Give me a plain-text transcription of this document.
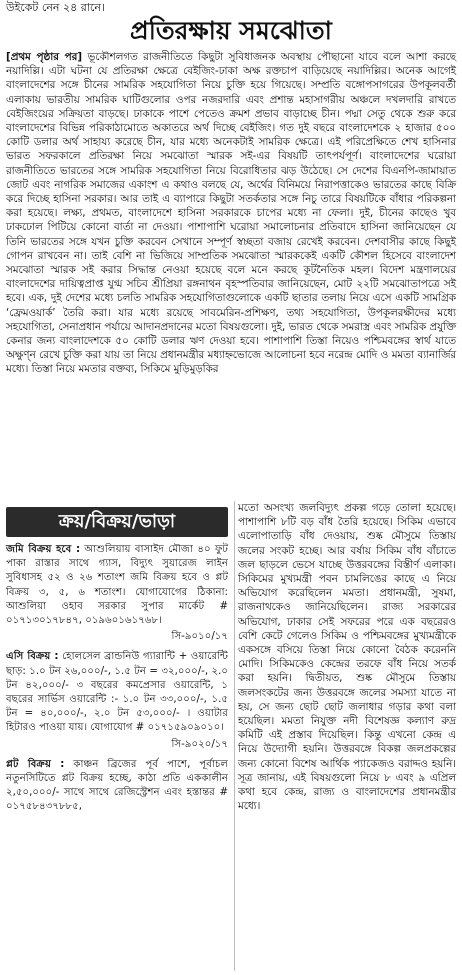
উইকেট নেন ২৪ রানে।
প্রতিরক্ষায় সমঝোতা

[প্রথম পৃষ্ঠার পর] ভূকৌশলগত রাজনীতিতে কিছুটা সুবিধাজনক অবস্থায় পৌছানো যাবে বলে আশা করছে নয়াদিল্লি। এটা ঘটনা যে প্রতিরক্ষা ক্ষেত্রে বেইজিং-ঢাকা অক্ষ রক্তচাপ বাড়িয়েছে নয়াদিল্লির। অনেক আগেই বাংলাদেশের সঙ্গে চীনের সামরিক সহযোগিতা নিয়ে চুক্তি হয়ে গিয়েছে। সম্প্রতি বঙ্গোপসাগরের উপকূলবর্তী এলাকায় ভারতীয় সামরিক ঘাটিগুলোর ওপর নজরদারি এবং প্রশান্ত মহাসাগরীয় অঞ্চলে দখলদারি রাখতে বেইজিংয়ের সক্রিয়তা বাড়ছে। ঢাকাকে পাশে পেতেও ক্রমশ প্রভাব বাড়াচ্ছে চীন। পদ্মা সেতু থেকে শুরু করে বাংলাদেশের বিভিন্ন পরিকাঠামোতে অকাতরে অর্থ দিচ্ছে বেইজিং। গত দুই বছরে বাংলাদেশকে ২ হাজার ৫০০ কোটি ডলার অর্থ সাহায্য করেছে চীন, যার মধ্যে অনেকটাই সামরিক ক্ষেত্রে। এই পরিপ্রেক্ষিতে শেখ হাসিনার ভারত সফরকালে প্রতিরক্ষা নিয়ে সমঝোতা স্মারক সই-এর বিষয়টি তাৎপর্যপূর্ণ। বাংলাদেশের ঘরোয়া রাজনীতিতে ভারতের সঙ্গে সামরিক সহযোগিতা নিয়ে বিরোধিতার ঝড় উঠেছে। সে দেশের বিএনপি-জামায়াত জোট এবং নাগরিক সমাজের একাংশ এ কথাও বলছে যে, অর্থের বিনিময়ে নিরাপত্তাকেও ভারতের কাছে বিক্রি করে দিচ্ছে হাসিনা সরকার। আর তাই এ ব্যাপারে কিছুটা সতর্কতার সঙ্গে নিচু তারে বিষয়টিকে বাঁধার পরিকল্পনা করা হয়েছে। লক্ষ্য, প্রথমত, বাংলাদেশে হাসিনা সরকারকে চাপের মধ্যে না ফেলা। দুই, চীনের কাছেও খুব ঢাকঢোল পিটিয়ে কোনো বার্তা না দেওয়া। পাশাপাশি ঘরোয়া সমালোচনার প্রতিবাদে হাসিনা জানিয়েছেন যে তিনি ভারতের সঙ্গে যখন চুক্তি করবেন সেখানে সম্পূর্ণ স্বচ্ছতা বজায় রেখেই করবেন। দেশবাসীর কাছে কিছুই গোপন রাখবেন না। তাই বেশি না ভিজিয়ে সাম্প্রতিক সমঝোতা স্মারককেই একটি কৌশল হিসেবে বাংলাদেশ সমঝোতা স্মারক সই করার সিদ্ধান্ত নেওয়া হয়েছে বলে মনে করছে কূটনৈতিক মহল। বিদেশ মন্ত্রণালয়ের বাংলাদেশের দায়িত্বপ্রাপ্ত যুগ্ম সচিব শ্রীপ্রিয়া রঙ্গনাথন বৃহস্পতিবার জানিয়েছেন, মোট ২২টি সমঝোতাপত্রে সই হবে। এক, দুই দেশের মধ্যে চলতি সামরিক সহযোগিতাগুলোকে একটি ছাতার তলায় নিয়ে এসে একটি সামগ্রিক ‘ফ্রেমওয়ার্ক’ তৈরি করা। যার মধ্যে রয়েছে সাবমেরিন-প্রশিক্ষণ, তথ্য সহযোগিতা, উপকূলরক্ষীদের মধ্যে সহযোগিতা, সেনাপ্রধান পর্যায়ে আদানপ্রদানের মতো বিষয়গুলো। দুই, ভারত থেকে সমরাস্ত্র এবং সামরিক প্রযুক্তি কেনার জন্য বাংলাদেশকে ৫০ কোটি ডলার ঋণ দেওয়া হবে। পাশাপাশি তিস্তা নিয়েও পশ্চিমবঙ্গের স্বার্থ যাতে অক্ষুণ্ন রেখে চুক্তি করা যায় তা নিয়ে প্রধানমন্ত্রীর মধ্যাহ্নভোজে আলোচনা হবে নরেন্দ্র মোদি ও মমতা ব্যানার্জির মধ্যে। তিস্তা নিয়ে মমতার বক্তব্য, সিকিমে মুড়িমুড়কির

ক্রয়/বিক্রয়/ভাড়া
জমি বিক্রয় হবে : আশুলিয়ায় বাসাইদ মৌজা ৪০ ফুট পাকা রাস্তার সাথে গ্যাস, বিদ্যুৎ সুয়ারেজ লাইন সুবিধাসহ ৫২ ও ২৬ শতাংশ জমি বিক্রয় হবে ও প্লট বিক্রয় ৩, ৫, ৬ শতাংশ। যোগাযোগের ঠিকানা: আশুলিয়া ওহাব সরকার সুপার মার্কেট # ০১৭১৩০১৭৮৪৭, ০১৯৬০১৬১৭৬৮।
সি-৯০১০/১৭
এসি বিক্রয় : হোলসেল ব্রান্ডনিউ গ্যারান্টি + ওয়ারেন্টি ছাড়: ১.০ টন ২৬,০০০/-, ১.৫ টন = ৩২,০০০/-, ২.০ টন ৪২,০০০/- ৩ বছরের কমপ্রেসার ওয়ারেন্টি, ১ বছরের সার্ভিস ওয়ারেন্টি :- ১.০ টন ৩৩,০০০/-, ১.৫ টন = ৪০,০০০/-, ২.০ টন ৫৩,০০০/- । ওয়াটার হিটারও পাওয়া যায়। যোগাযোগ # ০১৭১৫৯০৯০১০।
সি-৯০২০/১৭
প্লট বিক্রয় : কাঞ্চন ব্রিজের পূর্ব পাশে, পূর্বাচল নতুনসিটিতে প্লট বিক্রয় হচ্ছে, কাঠা প্রতি এককালীন ২,৫০,০০০/- সাথে সাথে রেজিস্ট্রেশন এবং হস্তান্তর # ০১৭৫৮৪৩৭৮৮৫,
মতো অসংখ্য জলবিদ্যুৎ প্রকল্প গড়ে তোলা হয়েছে। পাশাপাশি ৮টি বড় বাঁধ তৈরি হয়েছে। সিকিম এভাবে এলোপাতাড়ি বাঁধ দেওয়ায়, শুষ্ক মৌসুমে তিস্তায় জলের সংকট হচ্ছে। আর বর্ষায় সিকিম বাঁধ বাঁচাতে জল ছাড়লে ভেসে যাচ্ছে উত্তরবঙ্গের বিস্তীর্ণ এলাকা। সিকিমের মুখ্যমন্ত্রী পবন চামলিঙের কাছে এ নিয়ে অভিযোগ করেছিলেন মমতা। প্রধানমন্ত্রী, সুষমা, রাজনাথকেও জানিয়েছিলেন। রাজ্য সরকারের অভিযোগ, ঢাকার সেই সফরের পরে এক বছরেরও বেশি কেটে গেলেও সিকিম ও পশ্চিমবঙ্গের মুখ্যমন্ত্রীকে একসঙ্গে বসিয়ে তিস্তা নিয়ে কোনো বৈঠক করেননি মোদি। সিকিমকেও কেন্দ্রের তরফে বাঁধ নিয়ে সতর্ক করা হয়নি। দ্বিতীয়ত, শুষ্ক মৌসুমে তিস্তায় জলসংকটের জন্য উত্তরবঙ্গে জলের সমস্যা যাতে না হয়, সে জন্য ছোট ছোট জলাধার গড়ার কথা বলা হয়েছিল। মমতা নিযুক্ত নদী বিশেষজ্ঞ কল্যাণ রুদ্র কমিটি এই প্রস্তাব দিয়েছিল। কিন্তু এখনো কেন্দ্র এ নিয়ে উদ্যোগী হয়নি। উত্তরবঙ্গে বিকল্প জলপ্রকল্পের জন্য কোনো বিশেষ আর্থিক প্যাকেজও বরাদ্দও হয়নি। সূত্র জানায়, এই বিষয়গুলো নিয়ে ৮ এবং ৯ এপ্রিল কথা হবে কেন্দ্র, রাজ্য ও বাংলাদেশের প্রধানমন্ত্রীর মধ্যে।
